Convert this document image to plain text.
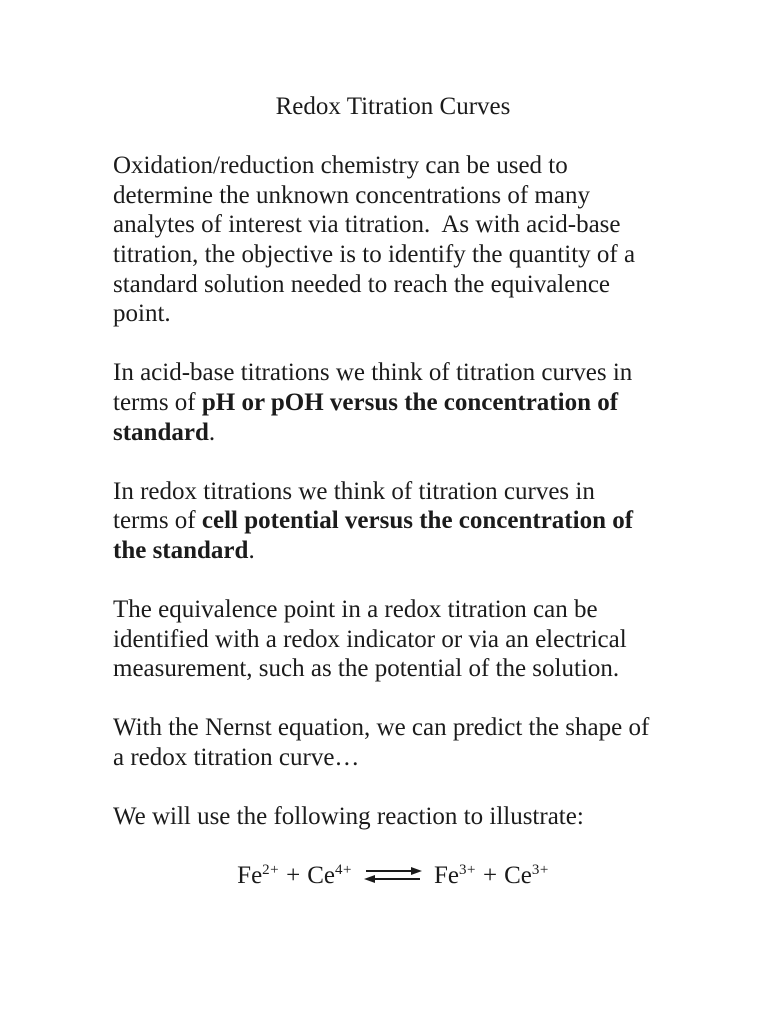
Redox Titration Curves

Oxidation/reduction chemistry can be used to
determine the unknown concentrations of many
analytes of interest via titration.  As with acid-base
titration, the objective is to identify the quantity of a
standard solution needed to reach the equivalence
point.

In acid-base titrations we think of titration curves in
terms of pH or pOH versus the concentration of
standard.

In redox titrations we think of titration curves in
terms of cell potential versus the concentration of
the standard.

The equivalence point in a redox titration can be
identified with a redox indicator or via an electrical
measurement, such as the potential of the solution.

With the Nernst equation, we can predict the shape of
a redox titration curve…

We will use the following reaction to illustrate:

$Fe^{2+} + Ce^{4+}$ ⇌ $Fe^{3+} + Ce^{3+}$
